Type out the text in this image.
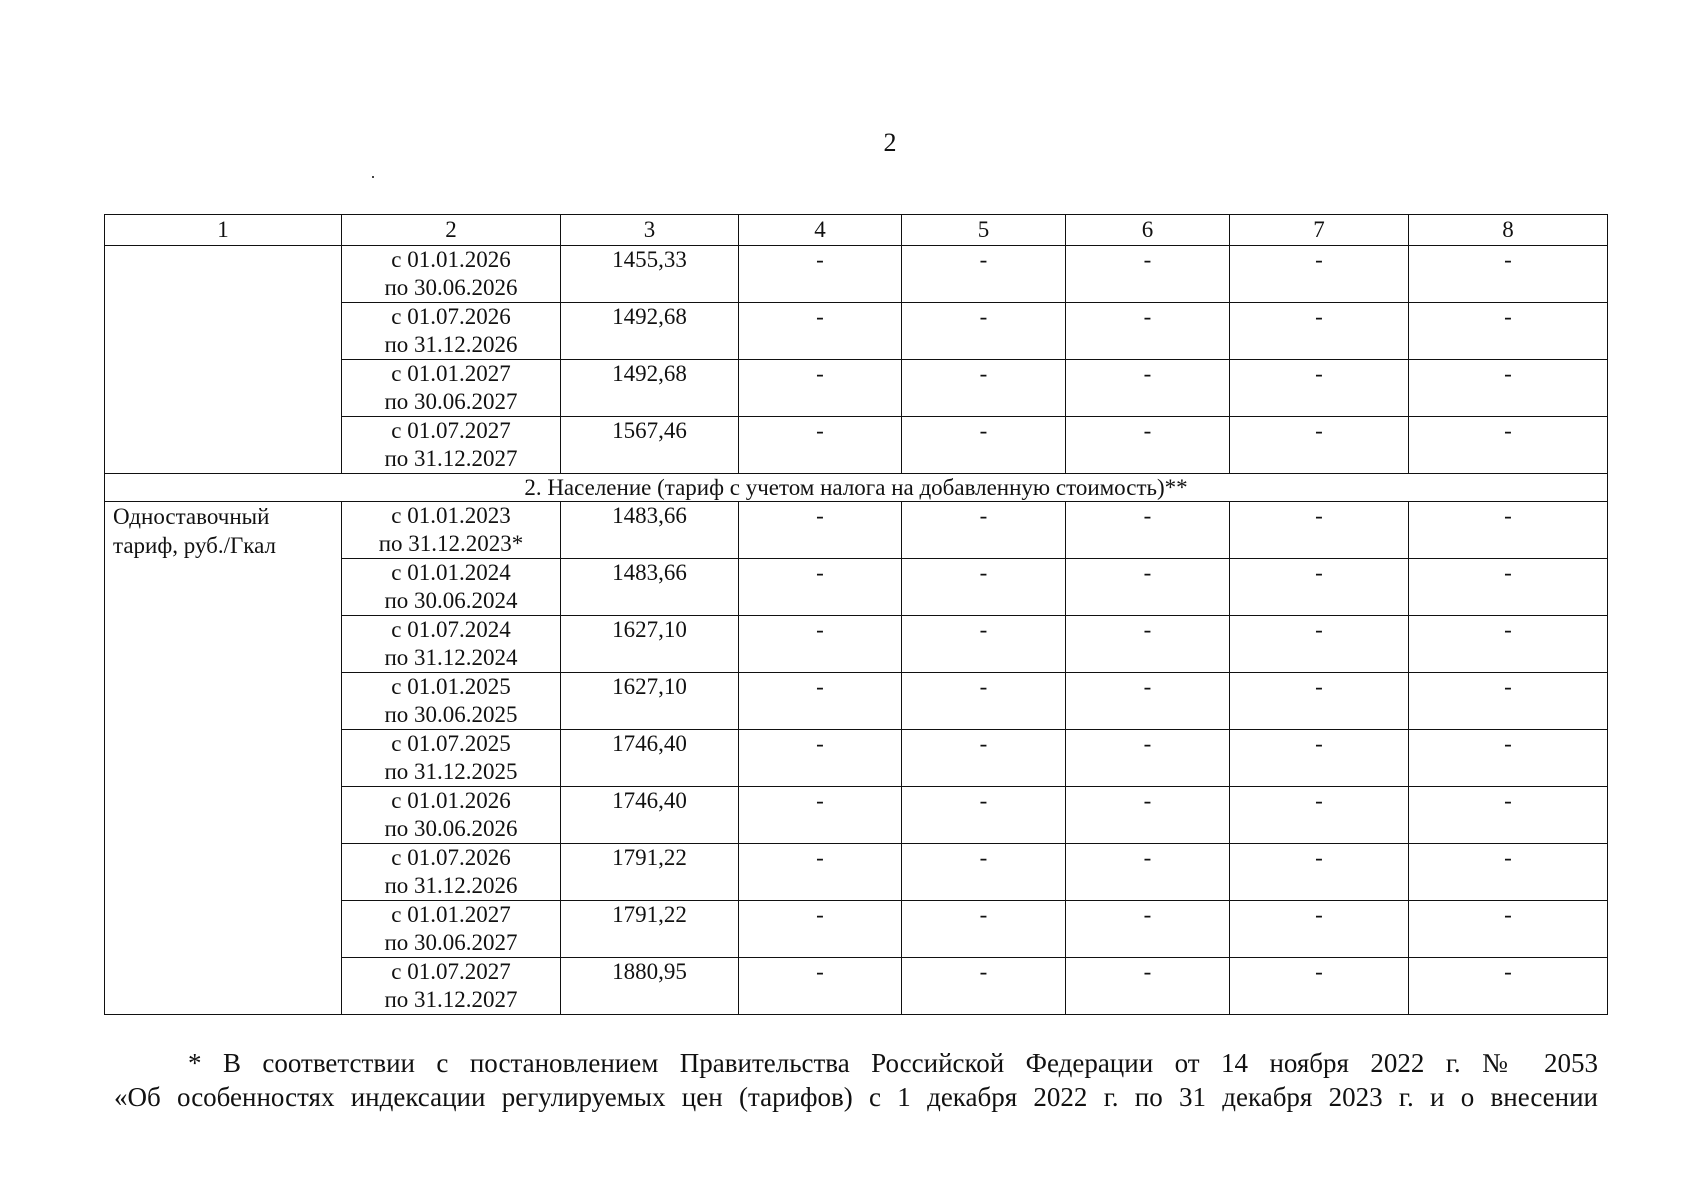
2
1	2	3	4	5	6	7	8
	с 01.01.2026
по 30.06.2026	1455,33	-	-	-	-	-
	с 01.07.2026
по 31.12.2026	1492,68	-	-	-	-	-
	с 01.01.2027
по 30.06.2027	1492,68	-	-	-	-	-
	с 01.07.2027
по 31.12.2027	1567,46	-	-	-	-	-
2. Население (тариф с учетом налога на добавленную стоимость)**							
Одноставочный
тариф, руб./Гкал	с 01.01.2023
по 31.12.2023*	1483,66	-	-	-	-	-
	с 01.01.2024
по 30.06.2024	1483,66	-	-	-	-	-
	с 01.07.2024
по 31.12.2024	1627,10	-	-	-	-	-
	с 01.01.2025
по 30.06.2025	1627,10	-	-	-	-	-
	с 01.07.2025
по 31.12.2025	1746,40	-	-	-	-	-
	с 01.01.2026
по 30.06.2026	1746,40	-	-	-	-	-
	с 01.07.2026
по 31.12.2026	1791,22	-	-	-	-	-
	с 01.01.2027
по 30.06.2027	1791,22	-	-	-	-	-
	с 01.07.2027
по 31.12.2027	1880,95	-	-	-	-	-
* В соответствии с постановлением Правительства Российской Федерации от 14 ноября 2022 г. № 2053
«Об особенностях индексации регулируемых цен (тарифов) с 1 декабря 2022 г. по 31 декабря 2023 г. и о внесении
